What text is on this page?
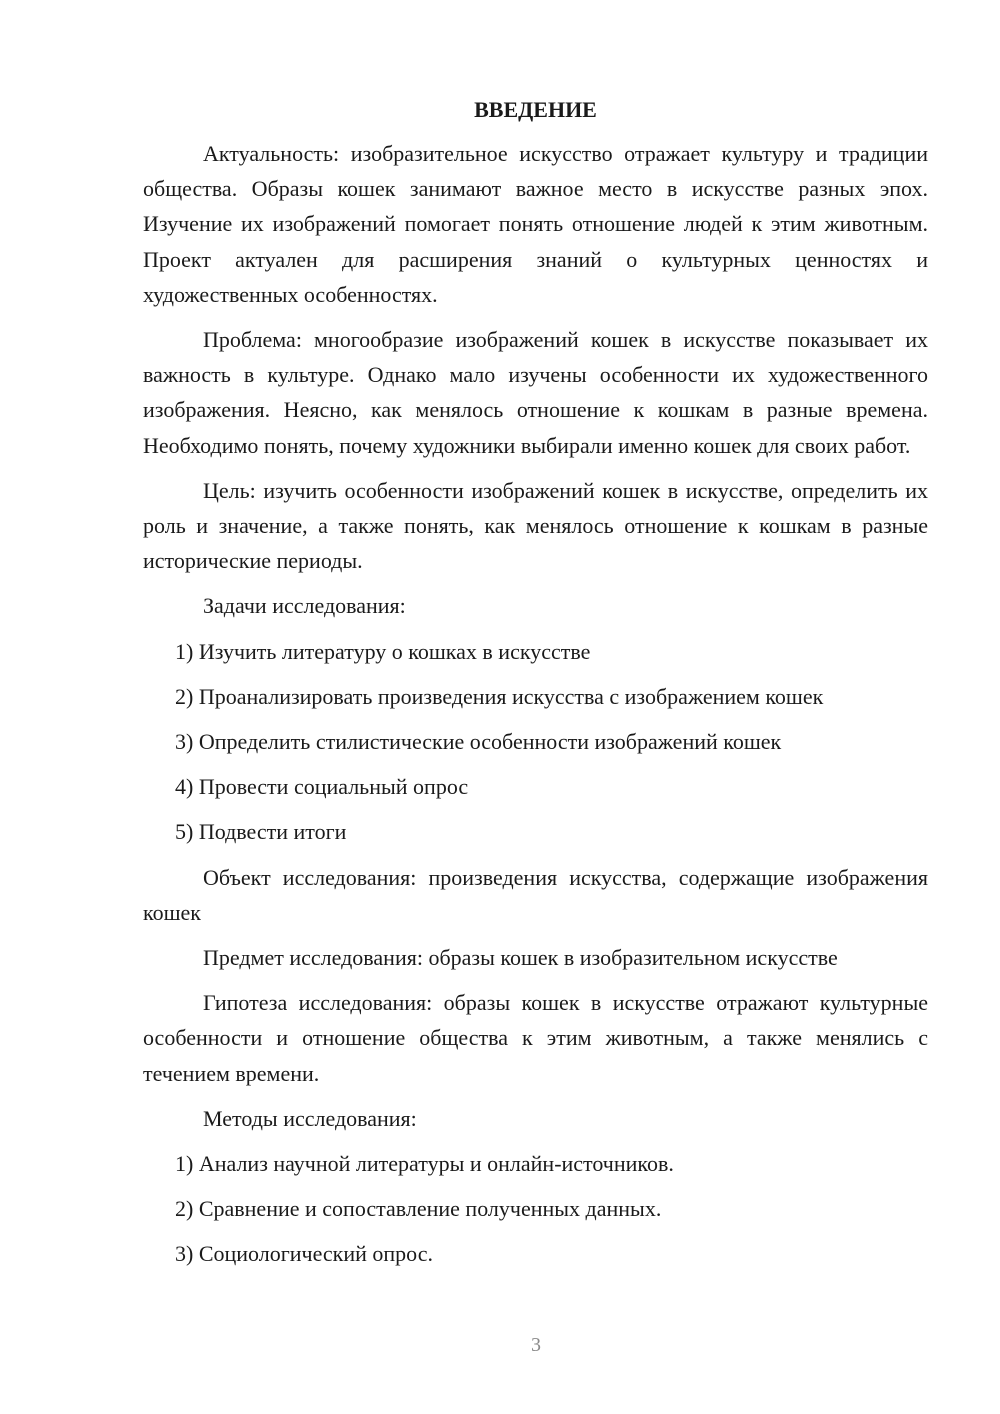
ВВЕДЕНИЕ

Актуальность: изобразительное искусство отражает культуру и традиции общества. Образы кошек занимают важное место в искусстве разных эпох. Изучение их изображений помогает понять отношение людей к этим животным. Проект актуален для расширения знаний о культурных ценностях и художественных особенностях.

Проблема: многообразие изображений кошек в искусстве показывает их важность в культуре. Однако мало изучены особенности их художественного изображения. Неясно, как менялось отношение к кошкам в разные времена. Необходимо понять, почему художники выбирали именно кошек для своих работ.

Цель: изучить особенности изображений кошек в искусстве, определить их роль и значение, а также понять, как менялось отношение к кошкам в разные исторические периоды.

Задачи исследования:

1) Изучить литературу о кошках в искусстве
2) Проанализировать произведения искусства с изображением кошек
3) Определить стилистические особенности изображений кошек
4) Провести социальный опрос
5) Подвести итоги

Объект исследования: произведения искусства, содержащие изображения кошек

Предмет исследования: образы кошек в изобразительном искусстве

Гипотеза исследования: образы кошек в искусстве отражают культурные особенности и отношение общества к этим животным, а также менялись с течением времени.

Методы исследования:

1) Анализ научной литературы и онлайн-источников.
2) Сравнение и сопоставление полученных данных.
3) Социологический опрос.
3
